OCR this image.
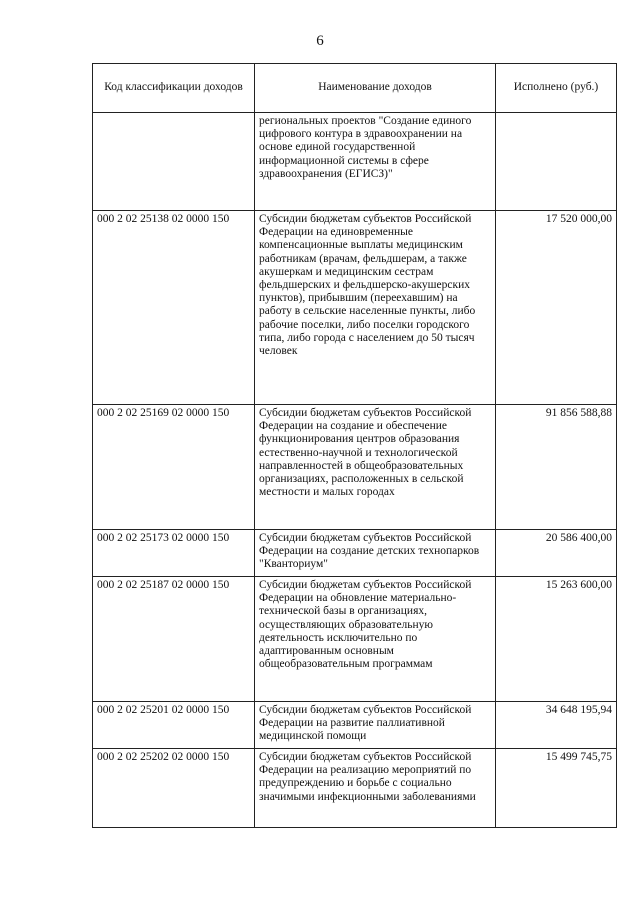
6
Код классификации доходов	Наименование доходов	Исполнено (руб.)
	региональных проектов "Создание единого цифрового контура в здравоохранении на основе единой государственной информационной системы в сфере здравоохранения (ЕГИСЗ)"	
000 2 02 25138 02 0000 150	Субсидии бюджетам субъектов Российской Федерации на единовременные компенсационные выплаты медицинским работникам (врачам, фельдшерам, а также акушеркам и медицинским сестрам фельдшерских и фельдшерско-акушерских пунктов), прибывшим (переехавшим) на работу в сельские населенные пункты, либо рабочие поселки, либо поселки городского типа, либо города с населением до 50 тысяч человек	17 520 000,00
000 2 02 25169 02 0000 150	Субсидии бюджетам субъектов Российской Федерации на создание и обеспечение функционирования центров образования естественно-научной и технологической направленностей в общеобразовательных организациях, расположенных в сельской местности и малых городах	91 856 588,88
000 2 02 25173 02 0000 150	Субсидии бюджетам субъектов Российской Федерации на создание детских технопарков "Кванториум"	20 586 400,00
000 2 02 25187 02 0000 150	Субсидии бюджетам субъектов Российской Федерации на обновление материально-технической базы в организациях, осуществляющих образовательную деятельность исключительно по адаптированным основным общеобразовательным программам	15 263 600,00
000 2 02 25201 02 0000 150	Субсидии бюджетам субъектов Российской Федерации на развитие паллиативной медицинской помощи	34 648 195,94
000 2 02 25202 02 0000 150	Субсидии бюджетам субъектов Российской Федерации на реализацию мероприятий по предупреждению и борьбе с социально значимыми инфекционными заболеваниями	15 499 745,75
